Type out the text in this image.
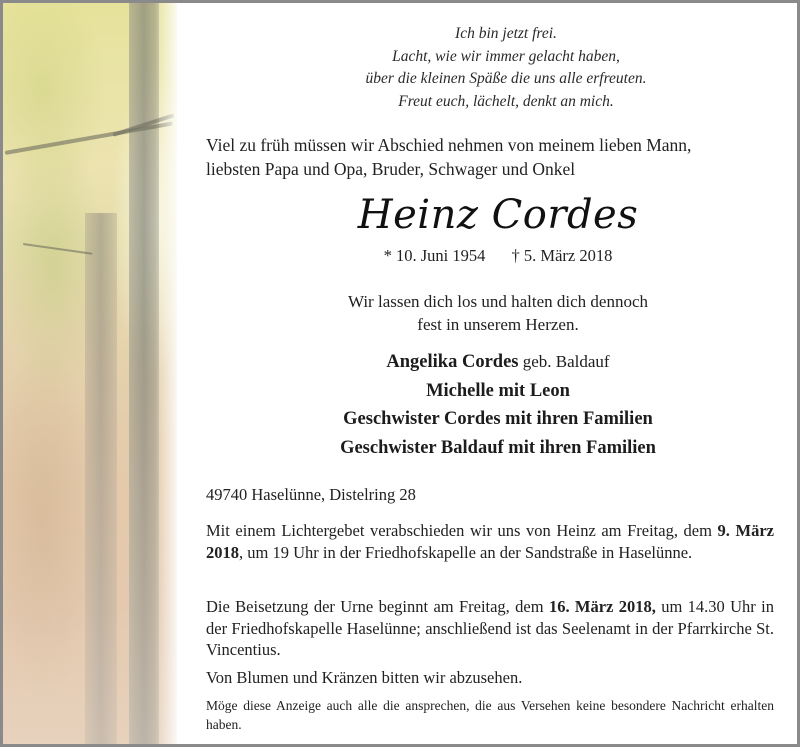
Ich bin jetzt frei.
Lacht, wie wir immer gelacht haben,
über die kleinen Späße die uns alle erfreuten.
Freut euch, lächelt, denkt an mich.
Viel zu früh müssen wir Abschied nehmen von meinem lieben Mann,
liebsten Papa und Opa, Bruder, Schwager und Onkel
Heinz Cordes
* 10. Juni 1954 † 5. März 2018
Wir lassen dich los und halten dich dennoch
fest in unserem Herzen.
Angelika Cordes geb. Baldauf
Michelle mit Leon
Geschwister Cordes mit ihren Familien
Geschwister Baldauf mit ihren Familien
49740 Haselünne, Distelring 28
Mit einem Lichtergebet verabschieden wir uns von Heinz am Freitag, dem 9. März 2018, um 19 Uhr in der Friedhofskapelle an der Sandstraße in Haselünne.
Die Beisetzung der Urne beginnt am Freitag, dem 16. März 2018, um 14.30 Uhr in der Friedhofskapelle Haselünne; anschließend ist das Seelenamt in der Pfarrkirche St. Vincentius.
Von Blumen und Kränzen bitten wir abzusehen.
Möge diese Anzeige auch alle die ansprechen, die aus Versehen keine besondere Nachricht erhalten haben.
